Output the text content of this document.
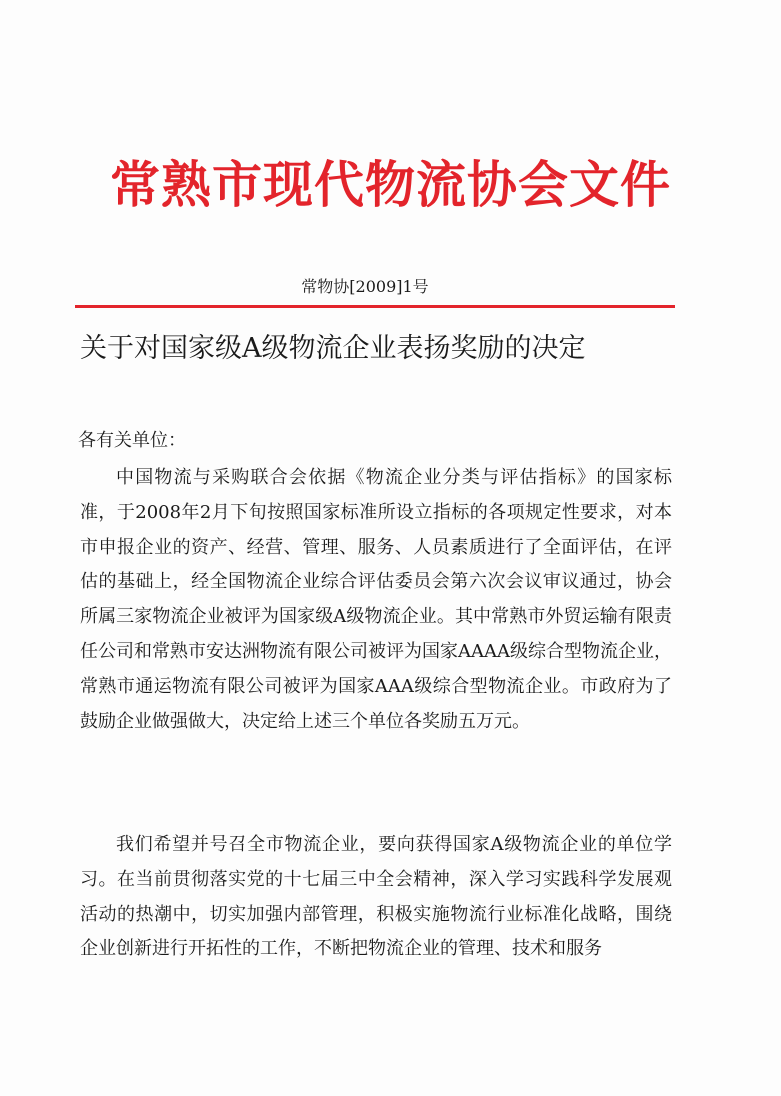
常熟市现代物流协会文件
常物协[2009]1号
关于对国家级A级物流企业表扬奖励的决定
各有关单位：

中国物流与采购联合会依据《物流企业分类与评估指标》的国家标准，于2008年2月下旬按照国家标准所设立指标的各项规定性要求，对本市申报企业的资产、经营、管理、服务、人员素质进行了全面评估，在评估的基础上，经全国物流企业综合评估委员会第六次会议审议通过，协会所属三家物流企业被评为国家级A级物流企业。其中常熟市外贸运输有限责任公司和常熟市安达洲物流有限公司被评为国家AAAA级综合型物流企业，常熟市通运物流有限公司被评为国家AAA级综合型物流企业。市政府为了鼓励企业做强做大，决定给上述三个单位各奖励五万元。

我们希望并号召全市物流企业，要向获得国家A级物流企业的单位学习。在当前贯彻落实党的十七届三中全会精神，深入学习实践科学发展观活动的热潮中，切实加强内部管理，积极实施物流行业标准化战略，围绕企业创新进行开拓性的工作，不断把物流企业的管理、技术和服务
